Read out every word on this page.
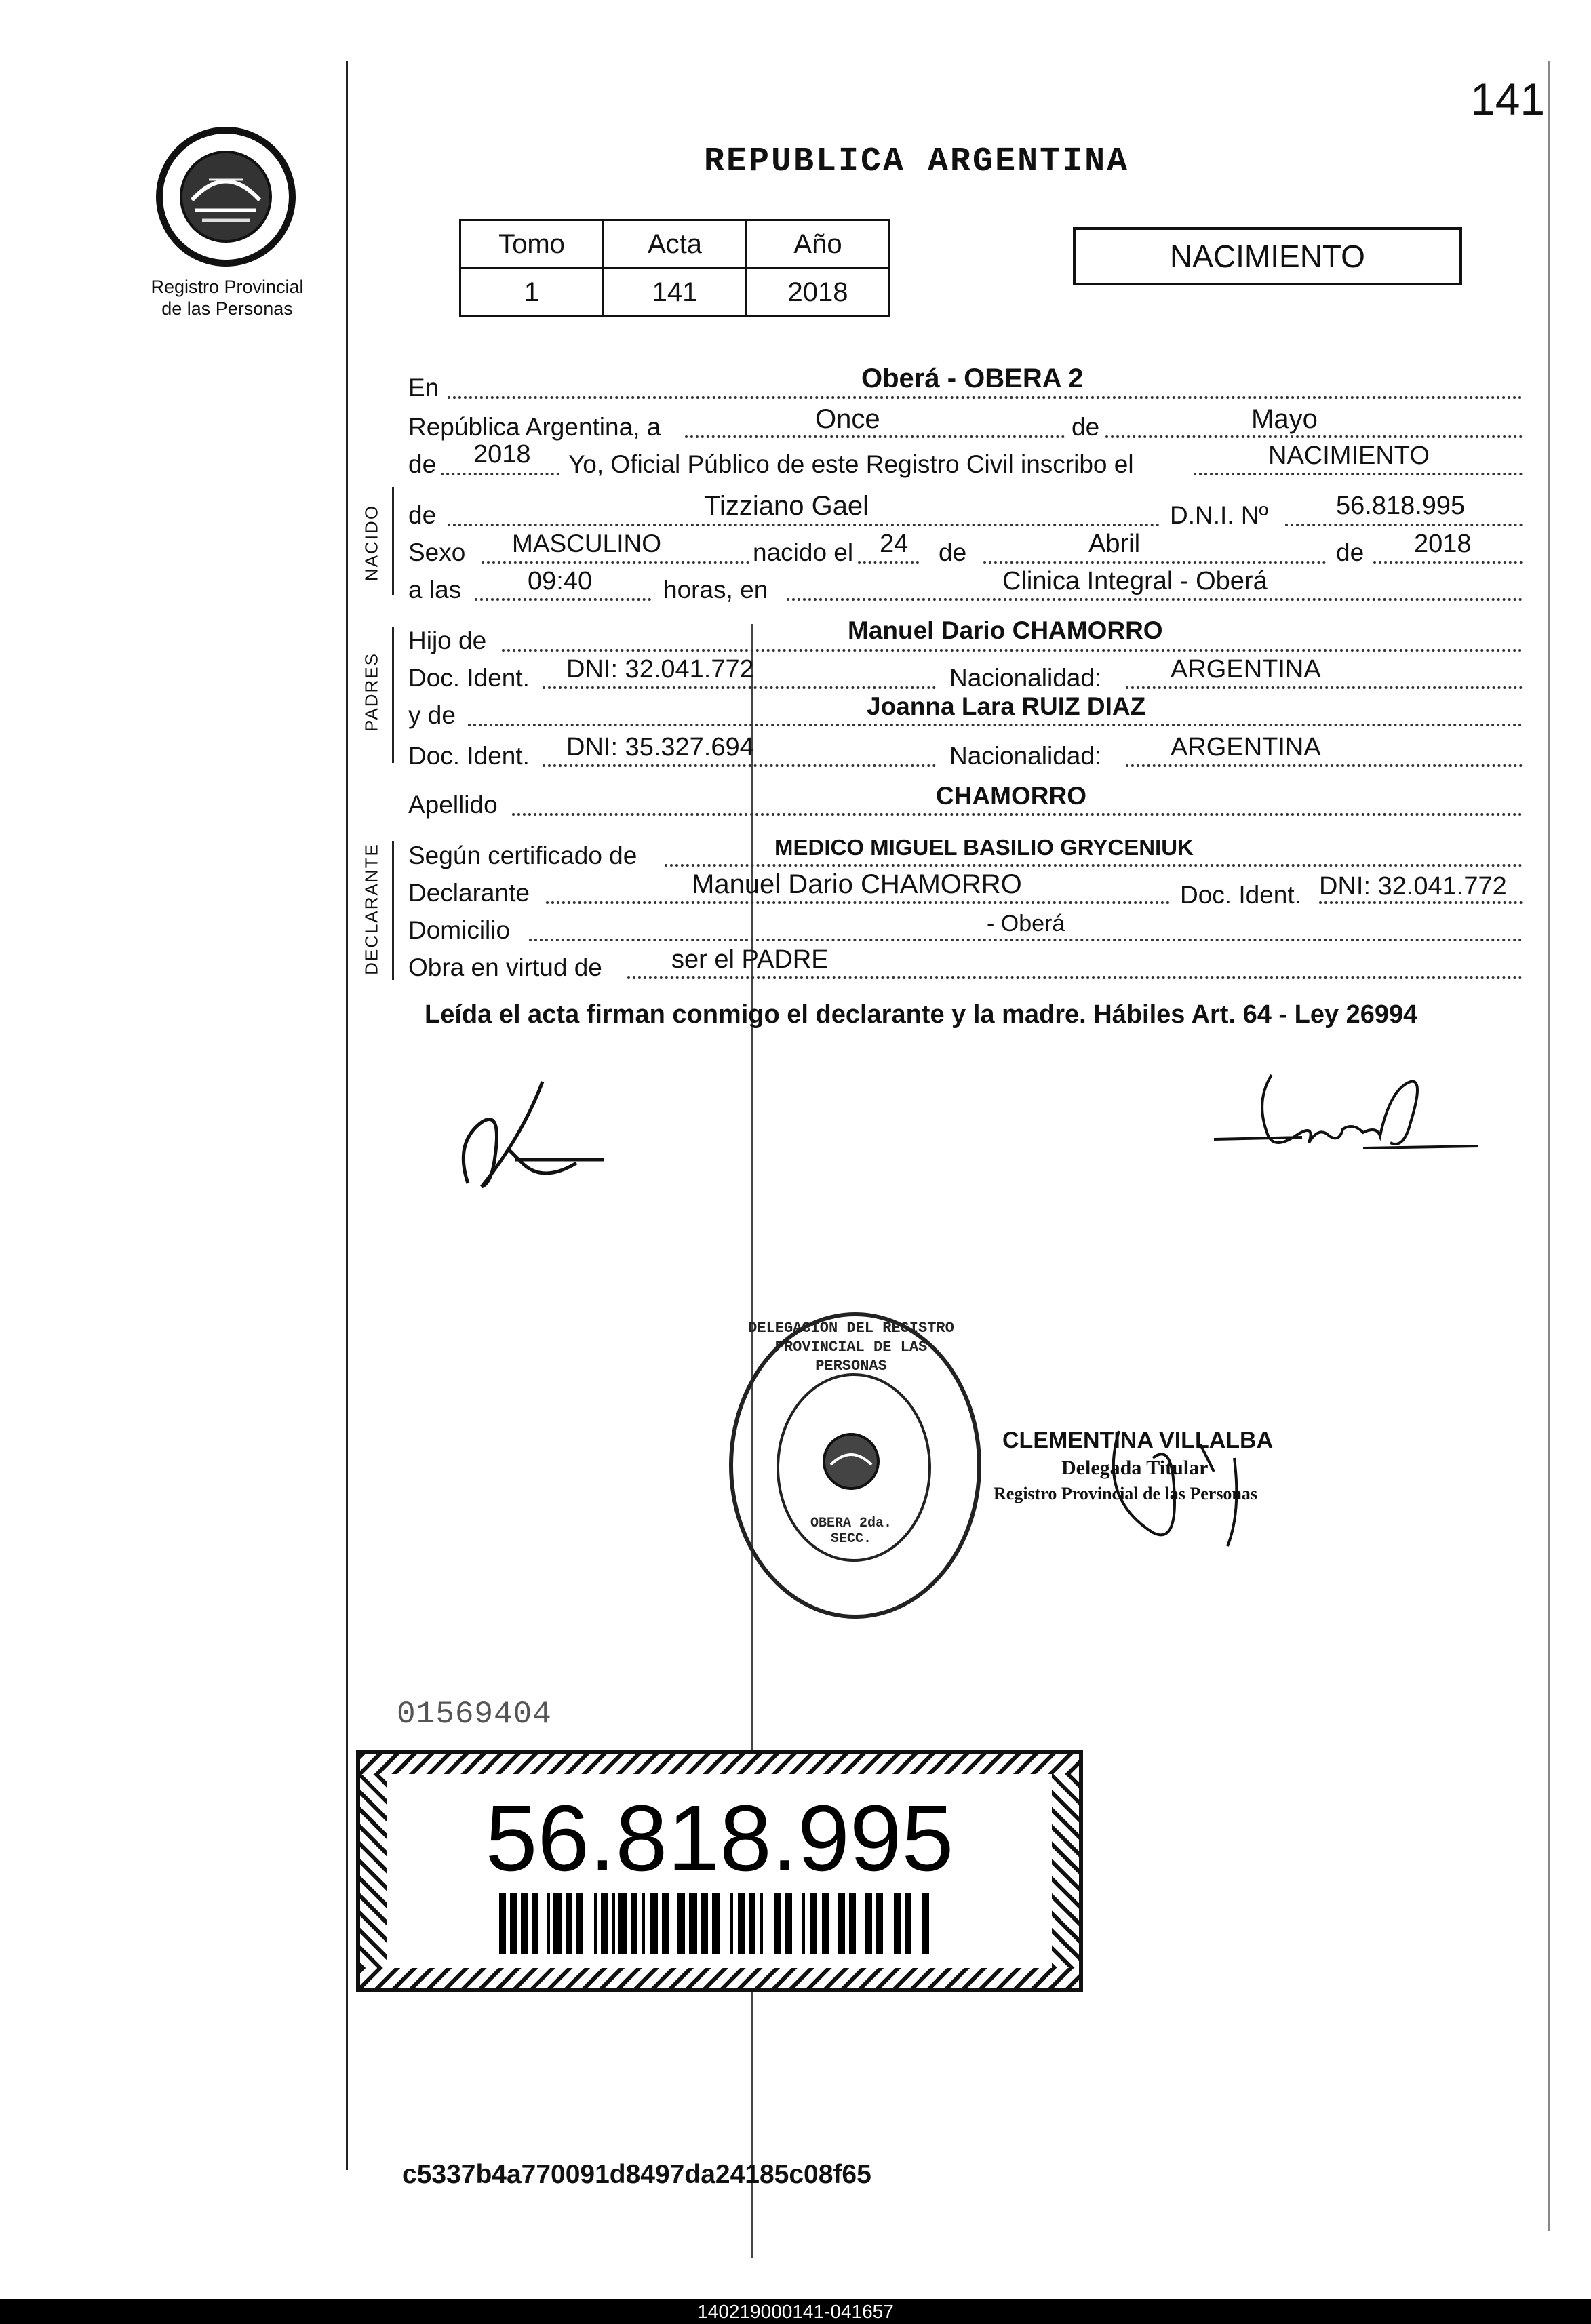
141
Registro Provincial
de las Personas
REPUBLICA ARGENTINA
Tomo	Acta	Año
1	141	2018
NACIMIENTO
NACIDO
PADRES
DECLARANTE
En	Oberá - OBERA 2
República Argentina, a	Once	de	Mayo
de 2018 Yo, Oficial Público de este Registro Civil inscribo el	NACIMIENTO
de	Tizziano Gael	D.N.I. Nº	56.818.995
Sexo MASCULINO	nacido el 24 de	Abril	de 2018
a las	09:40	horas, en	Clinica Integral - Oberá
Hijo de	Manuel Dario CHAMORRO
Doc. Ident. DNI: 32.041.772	Nacionalidad:	ARGENTINA
y de	Joanna Lara RUIZ DIAZ
Doc. Ident. DNI: 35.327.694	Nacionalidad:	ARGENTINA
Apellido	CHAMORRO
Según certificado de	MEDICO MIGUEL BASILIO GRYCENIUK
Declarante	Manuel Dario CHAMORRO	Doc. Ident. DNI: 32.041.772
Domicilio	- Oberá
Obra en virtud de	ser el PADRE
Leída el acta firman conmigo el declarante y la madre. Hábiles Art. 64 - Ley 26994
DELEGACION DEL REGISTRO PROVINCIAL DE LAS PERSONAS
OBERA 2da. SECC.
CLEMENTINA VILLALBA
Delegada Titular
Registro Provincial de las Personas
01569404
56.818.995
c5337b4a770091d8497da24185c08f65
140219000141-041657
